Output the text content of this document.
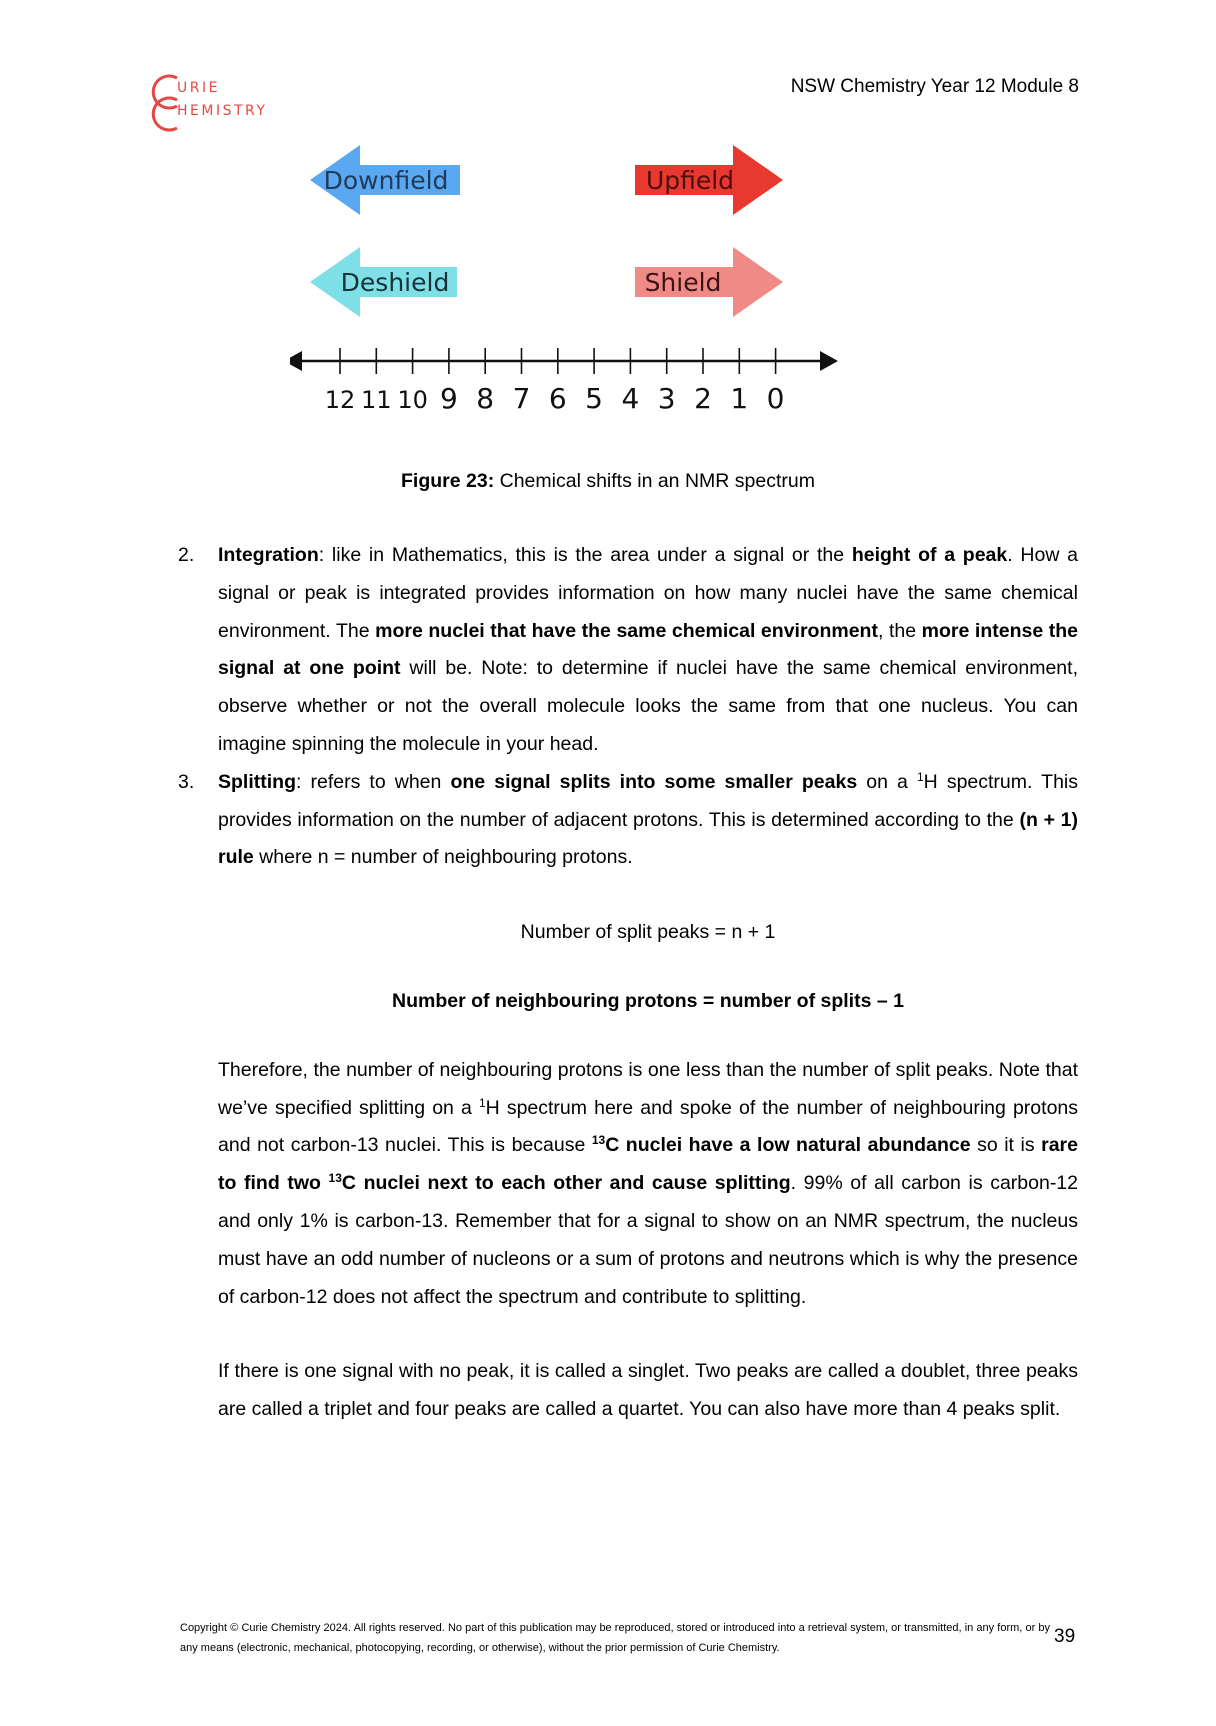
URIE
HEMISTRY
NSW Chemistry Year 12 Module 8
Downfield	Upfield
Deshield	Shield
12 11 10 9 8 7 6 5 4 3 2 1 0
Figure 23: Chemical shifts in an NMR spectrum
2. Integration: like in Mathematics, this is the area under a signal or the height of a peak. How a signal or peak is integrated provides information on how many nuclei have the same chemical environment. The more nuclei that have the same chemical environment, the more intense the signal at one point will be. Note: to determine if nuclei have the same chemical environment, observe whether or not the overall molecule looks the same from that one nucleus. You can imagine spinning the molecule in your head.
3. Splitting: refers to when one signal splits into some smaller peaks on a $^1$H spectrum. This provides information on the number of adjacent protons. This is determined according to the (n + 1) rule where n = number of neighbouring protons.
Number of split peaks = n + 1
Number of neighbouring protons = number of splits – 1
Therefore, the number of neighbouring protons is one less than the number of split peaks. Note that we’ve specified splitting on a $^1$H spectrum here and spoke of the number of neighbouring protons and not carbon-13 nuclei. This is because $^{13}$C nuclei have a low natural abundance so it is rare to find two $^{13}$C nuclei next to each other and cause splitting. 99% of all carbon is carbon-12 and only 1% is carbon-13. Remember that for a signal to show on an NMR spectrum, the nucleus must have an odd number of nucleons or a sum of protons and neutrons which is why the presence of carbon-12 does not affect the spectrum and contribute to splitting.
If there is one signal with no peak, it is called a singlet. Two peaks are called a doublet, three peaks are called a triplet and four peaks are called a quartet. You can also have more than 4 peaks split.
Copyright © Curie Chemistry 2024. All rights reserved. No part of this publication may be reproduced, stored or introduced into a retrieval system, or transmitted, in any form, or by any means (electronic, mechanical, photocopying, recording, or otherwise), without the prior permission of Curie Chemistry.
39
